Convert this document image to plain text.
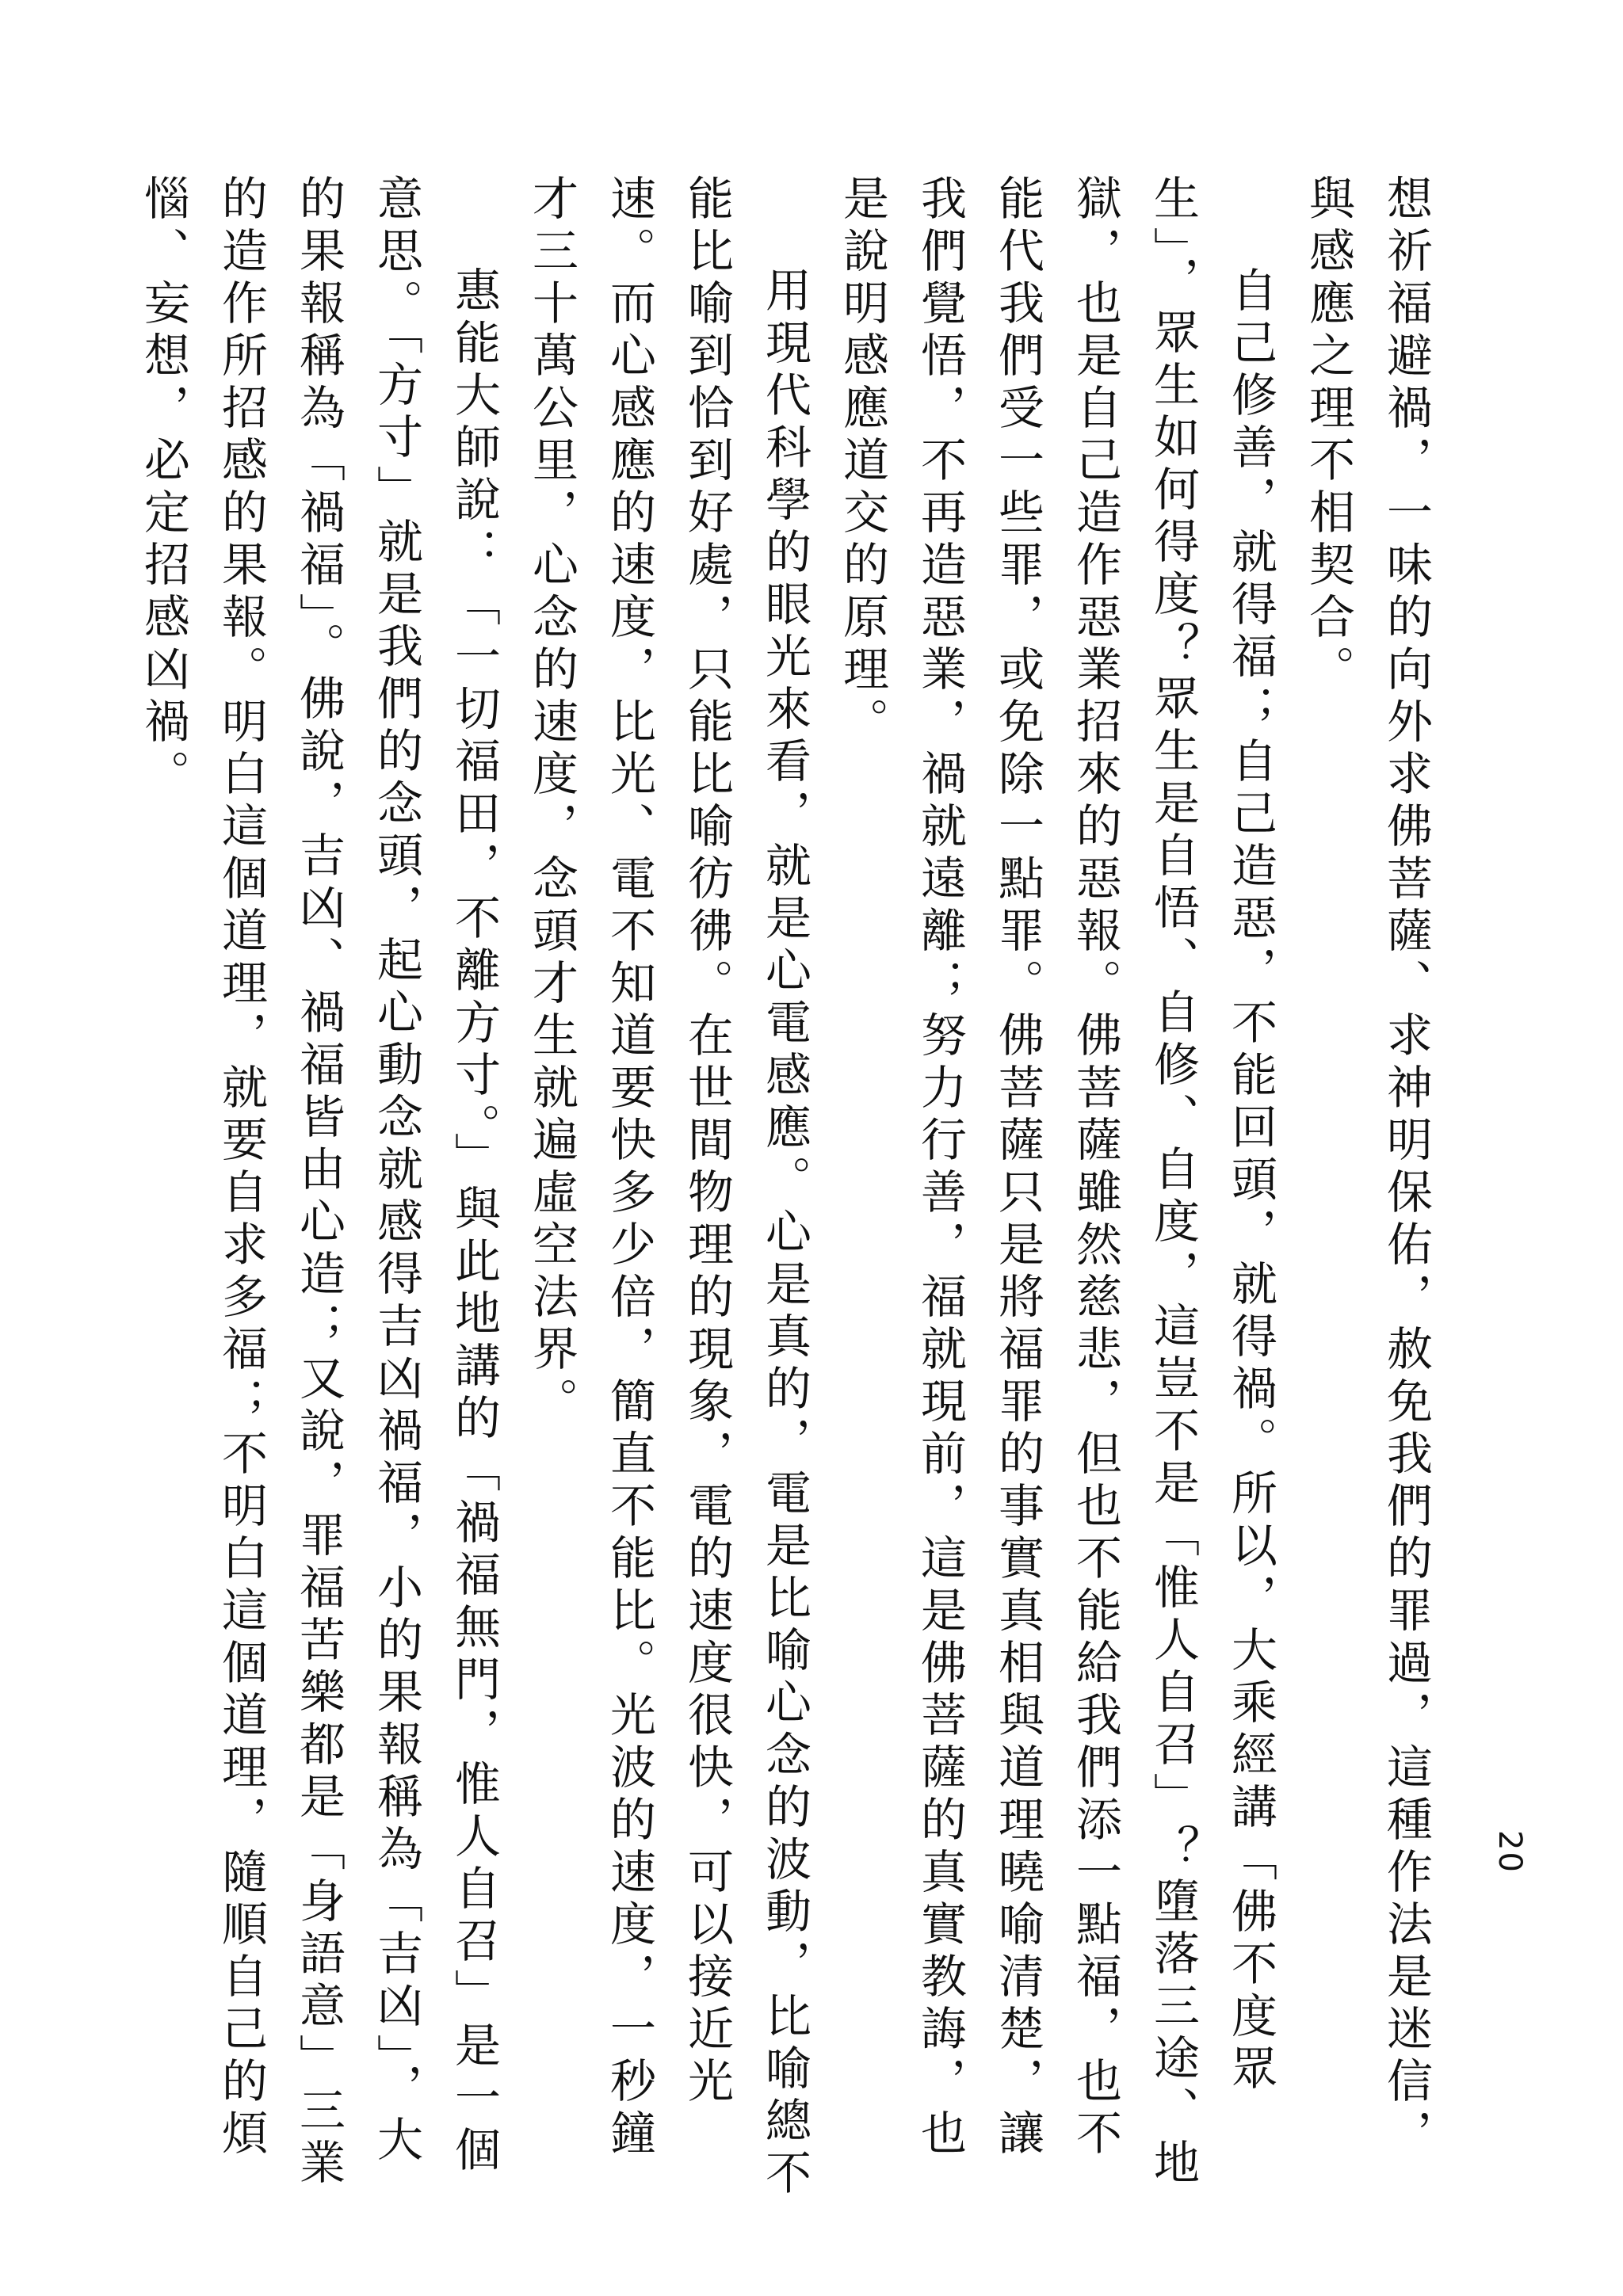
20

想祈福避禍，一味的向外求佛菩薩、求神明保佑，赦免我們的罪過，這種作法是迷信，與感應之理不相契合。

自己修善，就得福；自己造惡，不能回頭，就得禍。所以，大乘經講「佛不度眾生」，眾生如何得度？眾生是自悟、自修、自度，這豈不是「惟人自召」？墮落三途、地獄，也是自己造作惡業招來的惡報。佛菩薩雖然慈悲，但也不能給我們添一點福，也不能代我們受一些罪，或免除一點罪。佛菩薩只是將福罪的事實真相與道理曉喻清楚，讓我們覺悟，不再造惡業，禍就遠離；努力行善，福就現前，這是佛菩薩的真實教誨，也是說明感應道交的原理。

用現代科學的眼光來看，就是心電感應。心是真的，電是比喻心念的波動，比喻總不能比喻到恰到好處，只能比喻彷彿。在世間物理的現象，電的速度很快，可以接近光速。而心感應的速度，比光、電不知道要快多少倍，簡直不能比。光波的速度，一秒鐘才三十萬公里，心念的速度，念頭才生就遍虛空法界。

惠能大師說：「一切福田，不離方寸。」與此地講的「禍福無門，惟人自召」是一個意思。「方寸」就是我們的念頭，起心動念就感得吉凶禍福，小的果報稱為「吉凶」，大的果報稱為「禍福」。佛說，吉凶、禍福皆由心造；又說，罪福苦樂都是「身語意」三業的造作所招感的果報。明白這個道理，就要自求多福；不明白這個道理，隨順自己的煩惱、妄想，必定招感凶禍。
